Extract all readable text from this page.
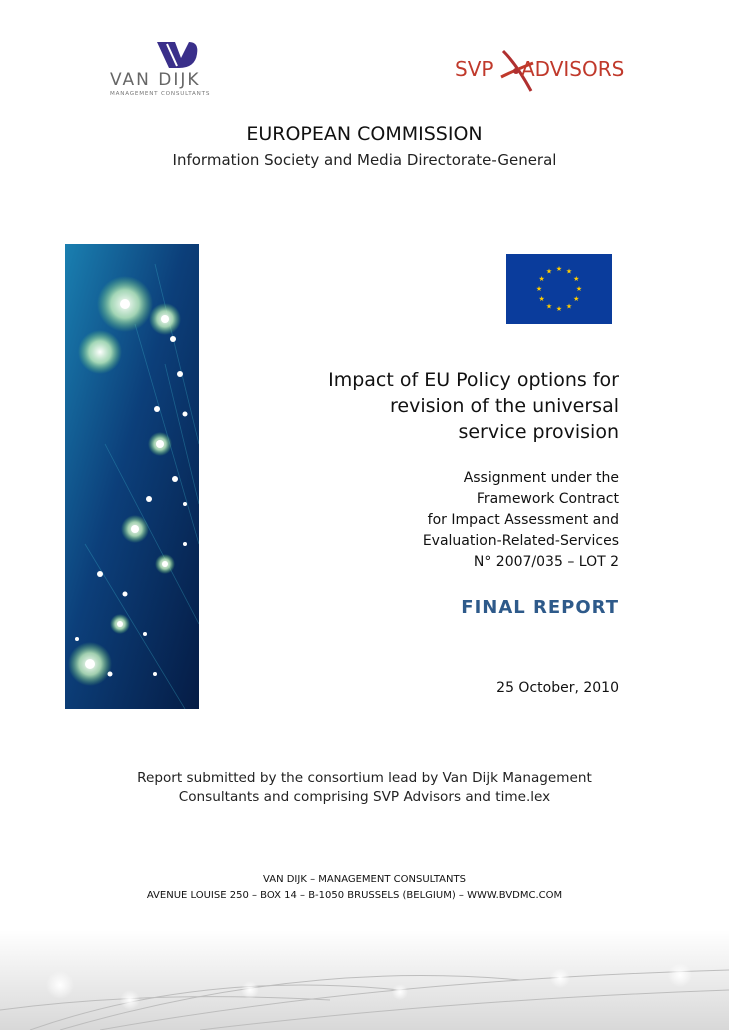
VAN DIJK
MANAGEMENT CONSULTANTS
SVP ADVISORS
EUROPEAN COMMISSION
Information Society and Media Directorate-General
★ ★
★
★
★
★
★
★
★
★
★
★
Impact of EU Policy options for
revision of the universal
service provision
Assignment under the
Framework Contract
for Impact Assessment and
Evaluation-Related-Services
N° 2007/035 – LOT 2
FINAL REPORT
25 October, 2010
Report submitted by the consortium lead by Van Dijk Management
Consultants and comprising SVP Advisors and time.lex
VAN DIJK – MANAGEMENT CONSULTANTS
AVENUE LOUISE 250 – BOX 14 – B-1050 BRUSSELS (BELGIUM) – WWW.BVDMC.COM
